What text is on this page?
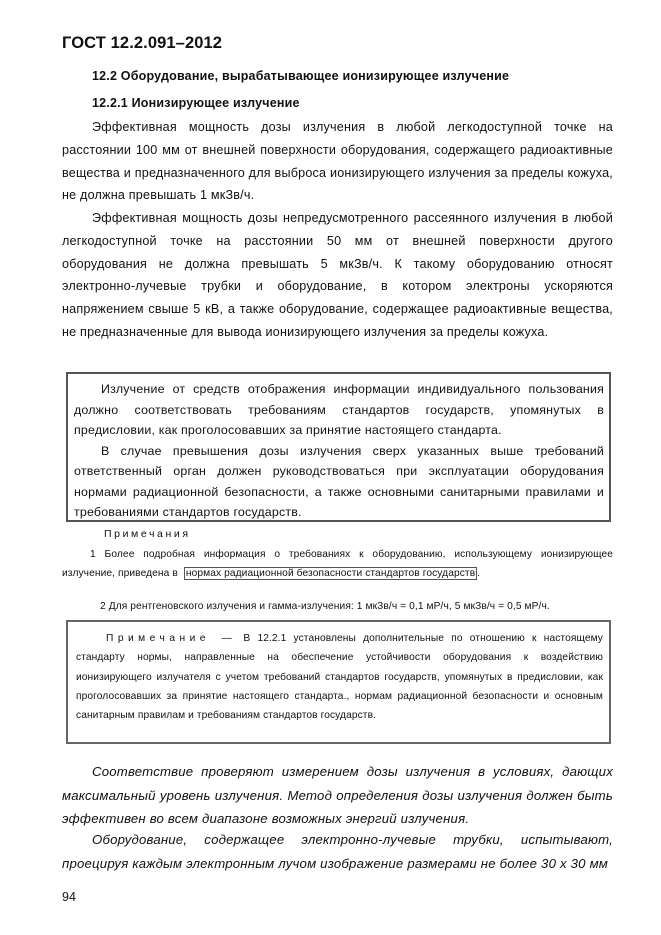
ГОСТ 12.2.091–2012
12.2 Оборудование, вырабатывающее ионизирующее излучение
12.2.1 Ионизирующее излучение
Эффективная мощность дозы излучения в любой легкодоступной точке на расстоянии 100 мм от внешней поверхности оборудования, содержащего радиоактивные вещества и предназначенного для выброса ионизирующего излучения за пределы кожуха, не должна превышать 1 мкЗв/ч.
Эффективная мощность дозы непредусмотренного рассеянного излучения в любой легкодоступной точке на расстоянии 50 мм от внешней поверхности другого оборудования не должна превышать 5 мкЗв/ч. К такому оборудованию относят электронно-лучевые трубки и оборудование, в котором электроны ускоряются напряжением свыше 5 кВ, а также оборудование, содержащее радиоактивные вещества, не предназначенные для вывода ионизирующего излучения за пределы кожуха.
Излучение от средств отображения информации индивидуального пользования должно соответствовать требованиям стандартов государств, упомянутых в предисловии, как проголосовавших за принятие настоящего стандарта.
В случае превышения дозы излучения сверх указанных выше требований ответственный орган должен руководствоваться при эксплуатации оборудования нормами радиационной безопасности, а также основными санитарными правилами и требованиями стандартов государств.
Примечания
1 Более подробная информация о требованиях к оборудованию, использующему ионизирующее излучение, приведена в нормах радиационной безопасности стандартов государств .
2 Для рентгеновского излучения и гамма-излучения: 1 мкЗв/ч = 0,1 мР/ч, 5 мкЗв/ч = 0,5 мР/ч.
Примечание — В 12.2.1 установлены дополнительные по отношению к настоящему стандарту нормы, направленные на обеспечение устойчивости оборудования к воздействию ионизирующего излучателя с учетом требований стандартов государств, упомянутых в предисловии, как проголосовавших за принятие настоящего стандарта., нормам радиационной безопасности и основным санитарным правилам и требованиям стандартов государств.
Соответствие проверяют измерением дозы излучения в условиях, дающих максимальный уровень излучения. Метод определения дозы излучения должен быть эффективен во всем диапазоне возможных энергий излучения.
Оборудование, содержащее электронно-лучевые трубки, испытывают, проецируя каждым электронным лучом изображение размерами не более 30 х 30 мм
94
